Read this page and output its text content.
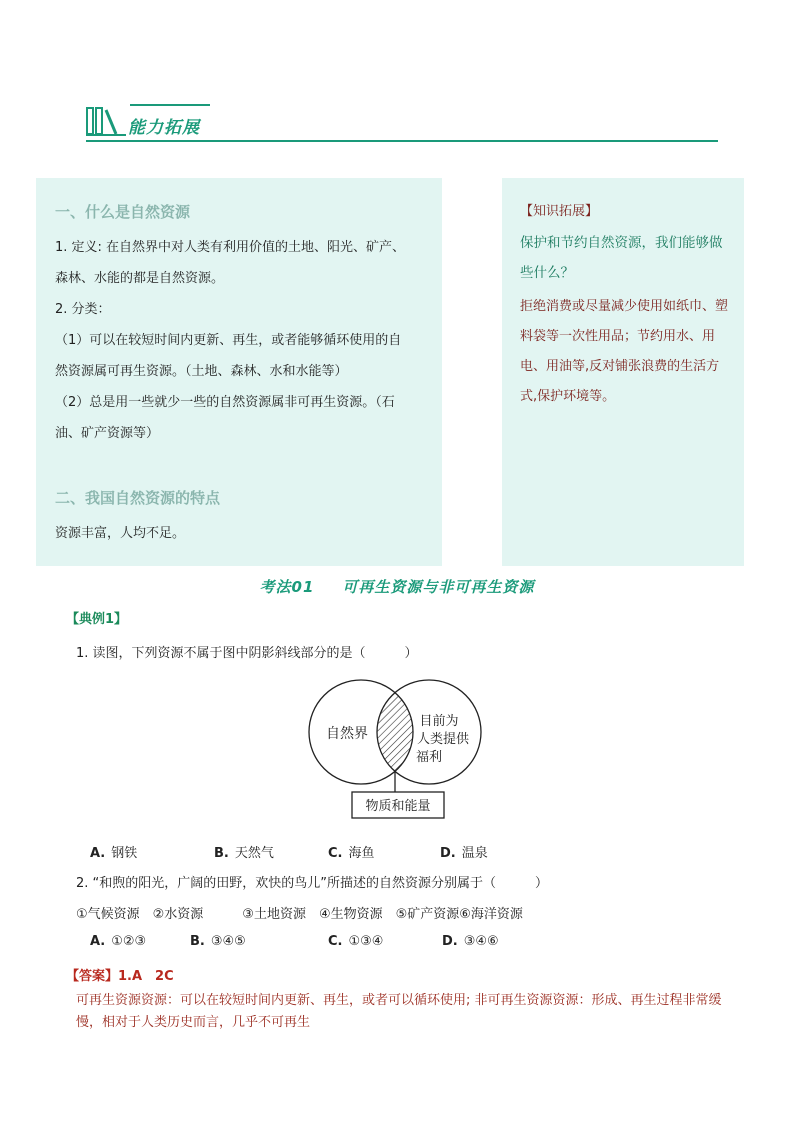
能力拓展
一、什么是自然资源
1. 定义: 在自然界中对人类有利用价值的土地、阳光、矿产、
森林、水能的都是自然资源。
2. 分类：
（1）可以在较短时间内更新、再生，或者能够循环使用的自
然资源属可再生资源。（土地、森林、水和水能等）
（2）总是用一些就少一些的自然资源属非可再生资源。（石
油、矿产资源等）
二、我国自然资源的特点
资源丰富，人均不足。
【知识拓展】
保护和节约自然资源，我们能够做些什么？
拒绝消费或尽量减少使用如纸巾、塑料袋等一次性用品；节约用水、用电、用油等,反对铺张浪费的生活方式,保护环境等。
考法01 可再生资源与非可再生资源
【典例1】
1. 读图，下列资源不属于图中阴影斜线部分的是（　　　）
自然界
目前为
人类提供
福利
物质和能量
A. 钢铁	B. 天然气	C. 海鱼	D. 温泉
2. “和煦的阳光，广阔的田野，欢快的鸟儿”所描述的自然资源分别属于（　　　）
①气候资源　②水资源　　　③土地资源　④生物资源　⑤矿产资源⑥海洋资源
A. ①②③	B. ③④⑤	C. ①③④	D. ③④⑥
【答案】1.A　2C
可再生资源资源：可以在较短时间内更新、再生，或者可以循环使用; 非可再生资源资源：形成、再生过程非常缓慢，相对于人类历史而言，几乎不可再生
